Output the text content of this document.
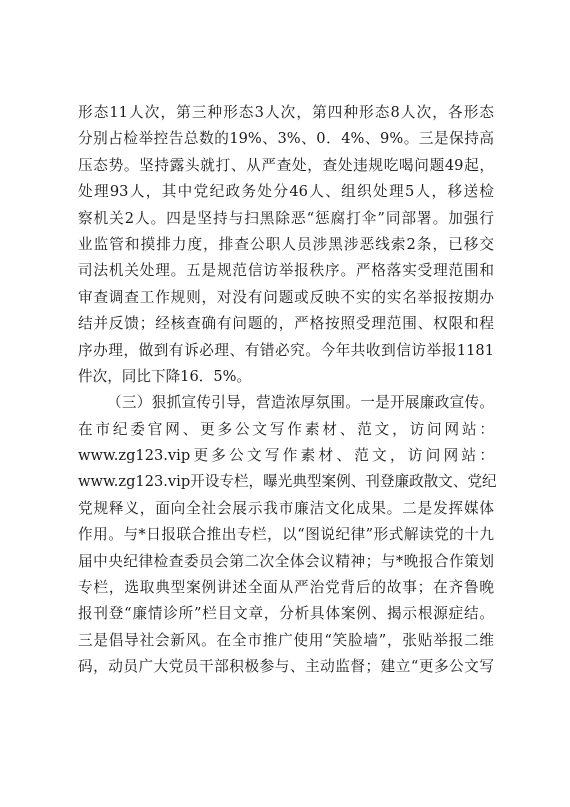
形态11人次，第三种形态3人次，第四种形态8人次，各形态
分别占检举控告总数的19%、3%、0．4%、9%。三是保持高
压态势。坚持露头就打、从严查处，查处违规吃喝问题49起，
处理93人，其中党纪政务处分46人、组织处理5人，移送检
察机关2人。四是坚持与扫黑除恶“惩腐打伞”同部署。加强行
业监管和摸排力度，排查公职人员涉黑涉恶线索2条，已移交
司法机关处理。五是规范信访举报秩序。严格落实受理范围和
审查调查工作规则，对没有问题或反映不实的实名举报按期办
结并反馈；经核查确有问题的，严格按照受理范围、权限和程
序办理，做到有诉必理、有错必究。今年共收到信访举报1181
件次，同比下降16．5%。
（三）狠抓宣传引导，营造浓厚氛围。一是开展廉政宣传。
在市纪委官网、更多公文写作素材、范文，访问网站：
www.zg123.vip更多公文写作素材、范文，访问网站：
www.zg123.vip开设专栏，曝光典型案例、刊登廉政散文、党纪
党规释义，面向全社会展示我市廉洁文化成果。二是发挥媒体
作用。与*日报联合推出专栏，以“图说纪律”形式解读党的十九
届中央纪律检查委员会第二次全体会议精神；与*晚报合作策划
专栏，选取典型案例讲述全面从严治党背后的故事；在齐鲁晚
报刊登“廉情诊所”栏目文章，分析具体案例、揭示根源症结。
三是倡导社会新风。在全市推广使用“笑脸墙”，张贴举报二维
码，动员广大党员干部积极参与、主动监督；建立“更多公文写
